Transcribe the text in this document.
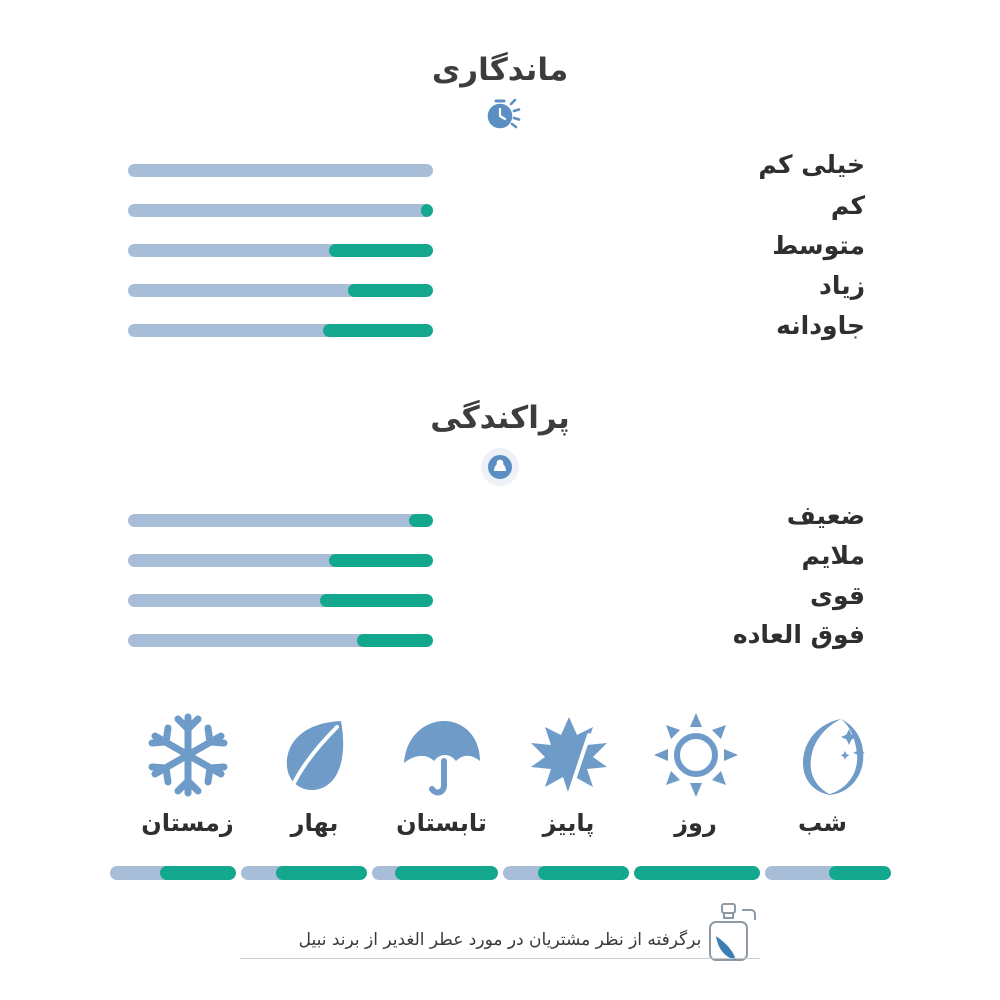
ماندگاری
خیلی کم
کم
متوسط
زیاد
جاودانه
پراکندگی
ضعیف
ملایم
قوی
فوق العاده
زمستان	بهار	تابستان	پاییز	روز	شب
برگرفته از نظر مشتریان در مورد عطر الغدیر از برند نبیل
